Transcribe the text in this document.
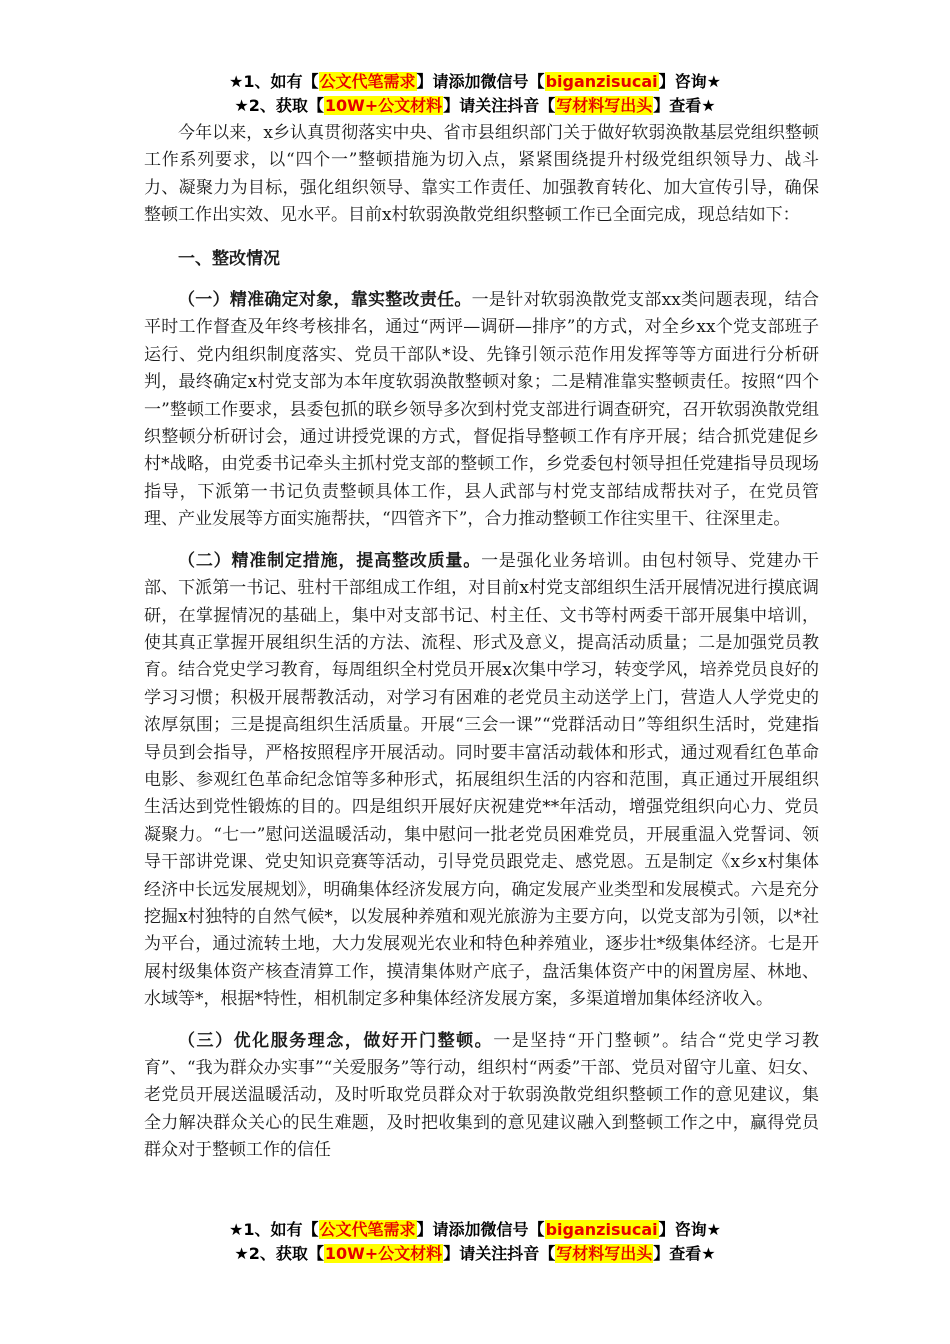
★1、如有【公文代笔需求】请添加微信号【biganzisucai】咨询★
★2、获取【10W+公文材料】请关注抖音【写材料写出头】查看★

今年以来，x乡认真贯彻落实中央、省市县组织部门关于做好软弱涣散基层党组织整顿工作系列要求，以“四个一”整顿措施为切入点，紧紧围绕提升村级党组织领导力、战斗力、凝聚力为目标，强化组织领导、靠实工作责任、加强教育转化、加大宣传引导，确保整顿工作出实效、见水平。目前x村软弱涣散党组织整顿工作已全面完成，现总结如下：

一、整改情况

（一）精准确定对象，靠实整改责任。一是针对软弱涣散党支部xx类问题表现，结合平时工作督查及年终考核排名，通过“两评—调研—排序”的方式，对全乡xx个党支部班子运行、党内组织制度落实、党员干部队*设、先锋引领示范作用发挥等等方面进行分析研判，最终确定x村党支部为本年度软弱涣散整顿对象；二是精准靠实整顿责任。按照“四个一”整顿工作要求，县委包抓的联乡领导多次到村党支部进行调查研究，召开软弱涣散党组织整顿分析研讨会，通过讲授党课的方式，督促指导整顿工作有序开展；结合抓党建促乡村*战略，由党委书记牵头主抓村党支部的整顿工作，乡党委包村领导担任党建指导员现场指导，下派第一书记负责整顿具体工作，县人武部与村党支部结成帮扶对子，在党员管理、产业发展等方面实施帮扶，“四管齐下”，合力推动整顿工作往实里干、往深里走。

（二）精准制定措施，提高整改质量。一是强化业务培训。由包村领导、党建办干部、下派第一书记、驻村干部组成工作组，对目前x村党支部组织生活开展情况进行摸底调研，在掌握情况的基础上，集中对支部书记、村主任、文书等村两委干部开展集中培训，使其真正掌握开展组织生活的方法、流程、形式及意义，提高活动质量；二是加强党员教育。结合党史学习教育，每周组织全村党员开展x次集中学习，转变学风，培养党员良好的学习习惯；积极开展帮教活动，对学习有困难的老党员主动送学上门，营造人人学党史的浓厚氛围；三是提高组织生活质量。开展“三会一课”“党群活动日”等组织生活时，党建指导员到会指导，严格按照程序开展活动。同时要丰富活动载体和形式，通过观看红色革命电影、参观红色革命纪念馆等多种形式，拓展组织生活的内容和范围，真正通过开展组织生活达到党性锻炼的目的。四是组织开展好庆祝建党**年活动，增强党组织向心力、党员凝聚力。“七一”慰问送温暖活动，集中慰问一批老党员困难党员，开展重温入党誓词、领导干部讲党课、党史知识竞赛等活动，引导党员跟党走、感党恩。五是制定《x乡x村集体经济中长远发展规划》，明确集体经济发展方向，确定发展产业类型和发展模式。六是充分挖掘x村独特的自然气候*，以发展种养殖和观光旅游为主要方向，以党支部为引领，以*社为平台，通过流转土地，大力发展观光农业和特色种养殖业，逐步壮*级集体经济。七是开展村级集体资产核查清算工作，摸清集体财产底子，盘活集体资产中的闲置房屋、林地、水域等*，根据*特性，相机制定多种集体经济发展方案，多渠道增加集体经济收入。

（三）优化服务理念，做好开门整顿。一是坚持“开门整顿”。结合“党史学习教育”、“我为群众办实事”“关爱服务”等行动，组织村“两委”干部、党员对留守儿童、妇女、老党员开展送温暖活动，及时听取党员群众对于软弱涣散党组织整顿工作的意见建议，集全力解决群众关心的民生难题，及时把收集到的意见建议融入到整顿工作之中，赢得党员群众对于整顿工作的信任

★1、如有【公文代笔需求】请添加微信号【biganzisucai】咨询★
★2、获取【10W+公文材料】请关注抖音【写材料写出头】查看★
